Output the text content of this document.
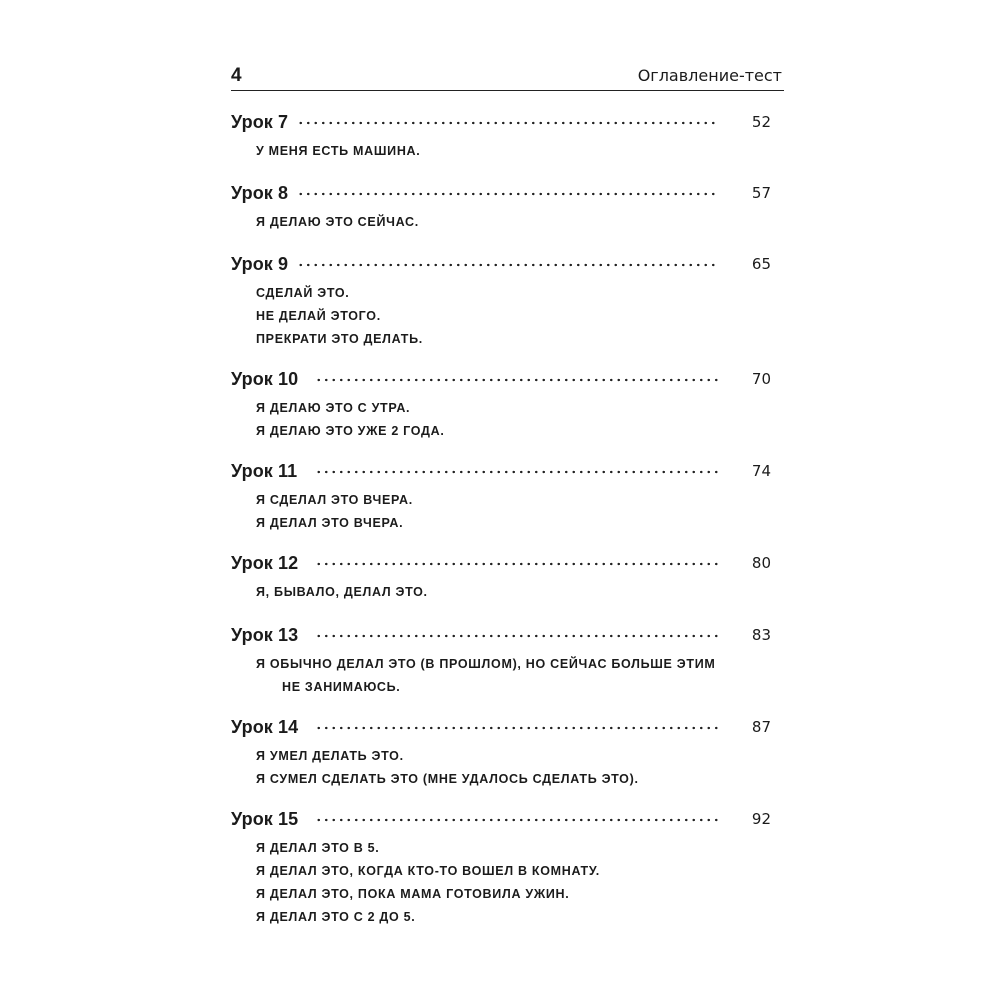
4	Оглавление-тест
Урок 7	52
У МЕНЯ ЕСТЬ МАШИНА.
Урок 8	57
Я ДЕЛАЮ ЭТО СЕЙЧАС.
Урок 9	65
СДЕЛАЙ ЭТО.
НЕ ДЕЛАЙ ЭТОГО.
ПРЕКРАТИ ЭТО ДЕЛАТЬ.
Урок 10	70
Я ДЕЛАЮ ЭТО С УТРА.
Я ДЕЛАЮ ЭТО УЖЕ 2 ГОДА.
Урок 11	74
Я СДЕЛАЛ ЭТО ВЧЕРА.
Я ДЕЛАЛ ЭТО ВЧЕРА.
Урок 12	80
Я, БЫВАЛО, ДЕЛАЛ ЭТО.
Урок 13	83
Я ОБЫЧНО ДЕЛАЛ ЭТО (В ПРОШЛОМ), НО СЕЙЧАС БОЛЬШЕ ЭТИМ
НЕ ЗАНИМАЮСЬ.
Урок 14	87
Я УМЕЛ ДЕЛАТЬ ЭТО.
Я СУМЕЛ СДЕЛАТЬ ЭТО (МНЕ УДАЛОСЬ СДЕЛАТЬ ЭТО).
Урок 15	92
Я ДЕЛАЛ ЭТО В 5.
Я ДЕЛАЛ ЭТО, КОГДА КТО-ТО ВОШЕЛ В КОМНАТУ.
Я ДЕЛАЛ ЭТО, ПОКА МАМА ГОТОВИЛА УЖИН.
Я ДЕЛАЛ ЭТО С 2 ДО 5.
